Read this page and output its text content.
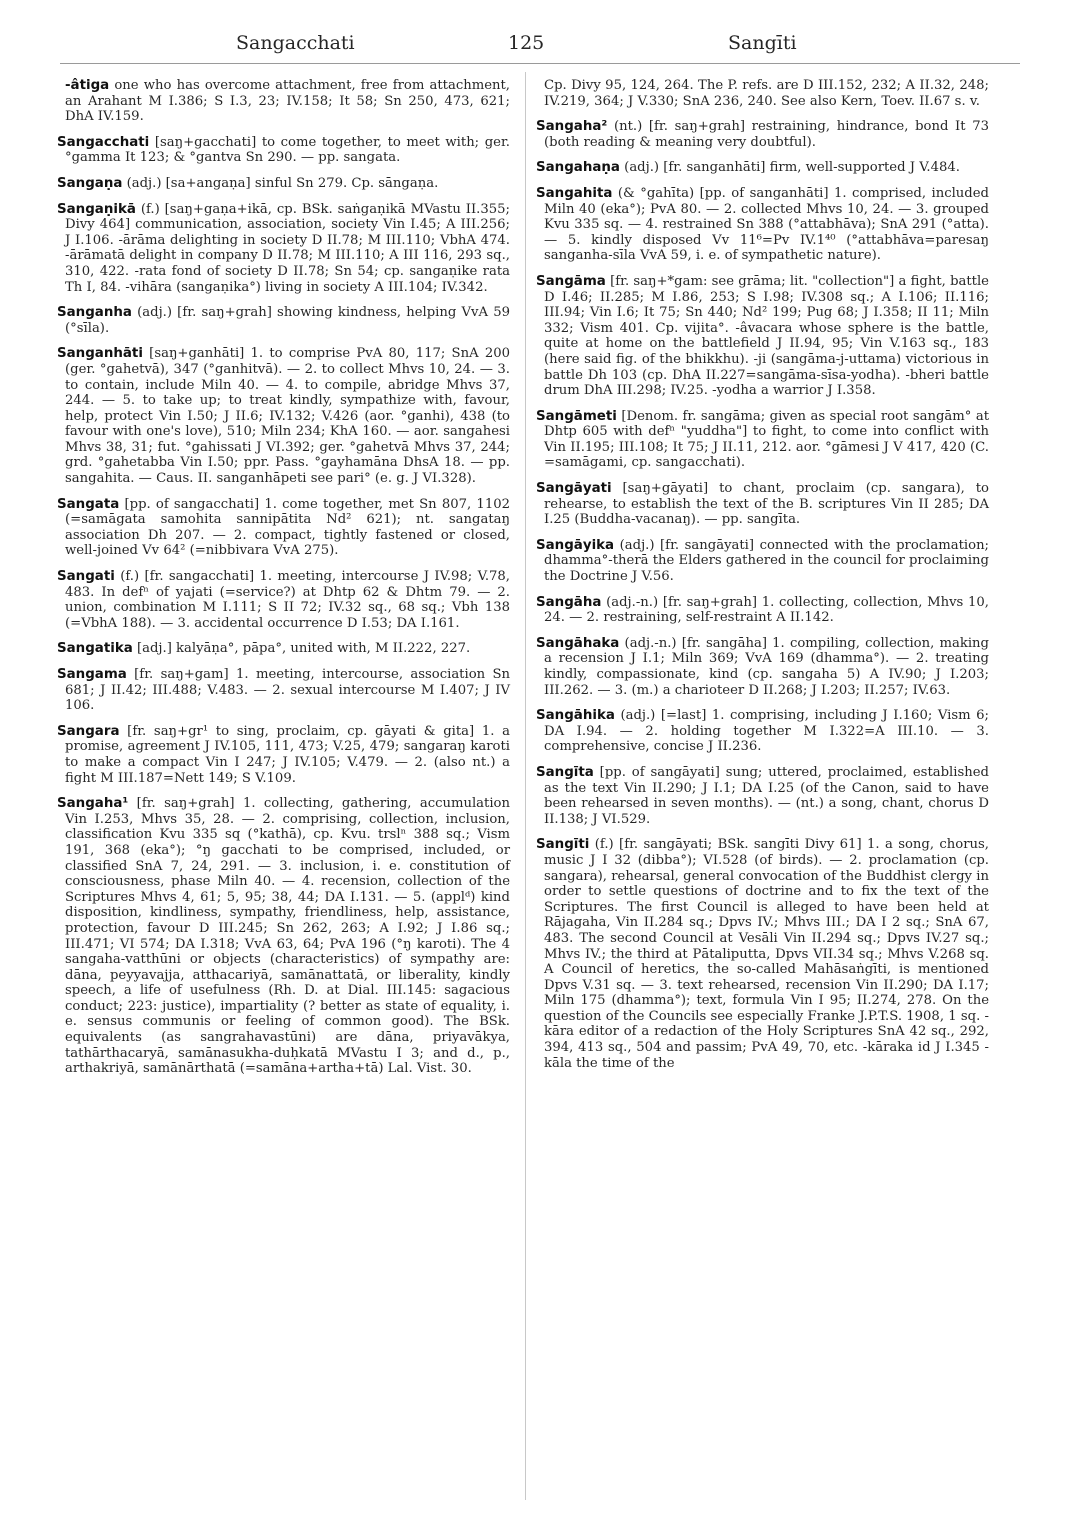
Sangacchati	125	Sangīti

-âtiga one who has overcome attachment, free from attachment, an Arahant M I.386; S I.3, 23; IV.158; It 58; Sn 250, 473, 621; DhA IV.159.

Sangacchati [saŋ+gacchati] to come together, to meet with; ger. °gamma It 123; & °gantva Sn 290. — pp. sangata.

Sangaṇa (adj.) [sa+angaṇa] sinful Sn 279. Cp. sāngaṇa.

Sangaṇikā (f.) [saŋ+gaṇa+ikā, cp. BSk. saṅgaṇikā MVastu II.355; Divy 464] communication, association, society Vin I.45; A III.256; J I.106. -ārāma delighting in society D II.78; M III.110; VbhA 474. -ārāmatā delight in company D II.78; M III.110; A III 116, 293 sq., 310, 422. -rata fond of society D II.78; Sn 54; cp. sangaṇike rata Th I, 84. -vihāra (sangaṇika°) living in society A III.104; IV.342.

Sanganha (adj.) [fr. saŋ+grah] showing kindness, helping VvA 59 (°sīla).

Sanganhāti [saŋ+ganhāti] 1. to comprise PvA 80, 117; SnA 200 (ger. °gahetvā), 347 (°ganhitvā). — 2. to collect Mhvs 10, 24. — 3. to contain, include Miln 40. — 4. to compile, abridge Mhvs 37, 244. — 5. to take up; to treat kindly, sympathize with, favour, help, protect Vin I.50; J II.6; IV.132; V.426 (aor. °ganhi), 438 (to favour with one's love), 510; Miln 234; KhA 160. — aor. sangahesi Mhvs 38, 31; fut. °gahissati J VI.392; ger. °gahetvā Mhvs 37, 244; grd. °gahetabba Vin I.50; ppr. Pass. °gayhamāna DhsA 18. — pp. sangahita. — Caus. II. sanganhāpeti see pari° (e. g. J VI.328).

Sangata [pp. of sangacchati] 1. come together, met Sn 807, 1102 (=samāgata samohita sannipātita Nd² 621); nt. sangataŋ association Dh 207. — 2. compact, tightly fastened or closed, well-joined Vv 64² (=nibbivara VvA 275).

Sangati (f.) [fr. sangacchati] 1. meeting, intercourse J IV.98; V.78, 483. In defⁿ of yajati (=service?) at Dhtp 62 & Dhtm 79. — 2. union, combination M I.111; S II 72; IV.32 sq., 68 sq.; Vbh 138 (=VbhA 188). — 3. accidental occurrence D I.53; DA I.161.

Sangatika [adj.] kalyāṇa°, pāpa°, united with, M II.222, 227.

Sangama [fr. saŋ+gam] 1. meeting, intercourse, association Sn 681; J II.42; III.488; V.483. — 2. sexual intercourse M I.407; J IV 106.

Sangara [fr. saŋ+gr¹ to sing, proclaim, cp. gāyati & gita] 1. a promise, agreement J IV.105, 111, 473; V.25, 479; sangaraŋ karoti to make a compact Vin I 247; J IV.105; V.479. — 2. (also nt.) a fight M III.187=Nett 149; S V.109.

Sangaha¹ [fr. saŋ+grah] 1. collecting, gathering, accumulation Vin I.253, Mhvs 35, 28. — 2. comprising, collection, inclusion, classification Kvu 335 sq (°kathā), cp. Kvu. trslⁿ 388 sq.; Vism 191, 368 (eka°); °ŋ gacchati to be comprised, included, or classified SnA 7, 24, 291. — 3. inclusion, i. e. constitution of consciousness, phase Miln 40. — 4. recension, collection of the Scriptures Mhvs 4, 61; 5, 95; 38, 44; DA I.131. — 5. (applᵈ) kind disposition, kindliness, sympathy, friendliness, help, assistance, protection, favour D III.245; Sn 262, 263; A I.92; J I.86 sq.; III.471; VI 574; DA I.318; VvA 63, 64; PvA 196 (°ŋ karoti). The 4 sangaha-vatthūni or objects (characteristics) of sympathy are: dāna, peyyavajja, atthacariyā, samānattatā, or liberality, kindly speech, a life of usefulness (Rh. D. at Dial. III.145: sagacious conduct; 223: justice), impartiality (? better as state of equality, i. e. sensus communis or feeling of common good). The BSk. equivalents (as sangrahavastūni) are dāna, priyavākya, tathārthacaryā, samānasukha-duḥkatā MVastu I 3; and d., p., arthakriyā, samānārthatā (=samāna+artha+tā) Lal. Vist. 30.

Cp. Divy 95, 124, 264. The P. refs. are D III.152, 232; A II.32, 248; IV.219, 364; J V.330; SnA 236, 240. See also Kern, Toev. II.67 s. v.

Sangaha² (nt.) [fr. saŋ+grah] restraining, hindrance, bond It 73 (both reading & meaning very doubtful).

Sangahaṇa (adj.) [fr. sanganhāti] firm, well-supported J V.484.

Sangahita (& °gahīta) [pp. of sanganhāti] 1. comprised, included Miln 40 (eka°); PvA 80. — 2. collected Mhvs 10, 24. — 3. grouped Kvu 335 sq. — 4. restrained Sn 388 (°attabhāva); SnA 291 (°atta). — 5. kindly disposed Vv 11⁶=Pv IV.1⁴⁰ (°attabhāva=paresaŋ sanganha-sīla VvA 59, i. e. of sympathetic nature).

Sangāma [fr. saŋ+*gam: see grāma; lit. "collection"] a fight, battle D I.46; II.285; M I.86, 253; S I.98; IV.308 sq.; A I.106; II.116; III.94; Vin I.6; It 75; Sn 440; Nd² 199; Pug 68; J I.358; II 11; Miln 332; Vism 401. Cp. vijita°. -âvacara whose sphere is the battle, quite at home on the battlefield J II.94, 95; Vin V.163 sq., 183 (here said fig. of the bhikkhu). -ji (sangāma-j-uttama) victorious in battle Dh 103 (cp. DhA II.227=sangāma-sīsa-yodha). -bheri battle drum DhA III.298; IV.25. -yodha a warrior J I.358.

Sangāmeti [Denom. fr. sangāma; given as special root sangām° at Dhtp 605 with defⁿ "yuddha"] to fight, to come into conflict with Vin II.195; III.108; It 75; J II.11, 212. aor. °gāmesi J V 417, 420 (C. =samāgami, cp. sangacchati).

Sangāyati [saŋ+gāyati] to chant, proclaim (cp. sangara), to rehearse, to establish the text of the B. scriptures Vin II 285; DA I.25 (Buddha-vacanaŋ). — pp. sangīta.

Sangāyika (adj.) [fr. sangāyati] connected with the proclamation; dhamma°-therā the Elders gathered in the council for proclaiming the Doctrine J V.56.

Sangāha (adj.-n.) [fr. saŋ+grah] 1. collecting, collection, Mhvs 10, 24. — 2. restraining, self-restraint A II.142.

Sangāhaka (adj.-n.) [fr. sangāha] 1. compiling, collection, making a recension J I.1; Miln 369; VvA 169 (dhamma°). — 2. treating kindly, compassionate, kind (cp. sangaha 5) A IV.90; J I.203; III.262. — 3. (m.) a charioteer D II.268; J I.203; II.257; IV.63.

Sangāhika (adj.) [=last] 1. comprising, including J I.160; Vism 6; DA I.94. — 2. holding together M I.322=A III.10. — 3. comprehensive, concise J II.236.

Sangīta [pp. of sangāyati] sung; uttered, proclaimed, established as the text Vin II.290; J I.1; DA I.25 (of the Canon, said to have been rehearsed in seven months). — (nt.) a song, chant, chorus D II.138; J VI.529.

Sangīti (f.) [fr. sangāyati; BSk. sangīti Divy 61] 1. a song, chorus, music J I 32 (dibba°); VI.528 (of birds). — 2. proclamation (cp. sangara), rehearsal, general convocation of the Buddhist clergy in order to settle questions of doctrine and to fix the text of the Scriptures. The first Council is alleged to have been held at Rājagaha, Vin II.284 sq.; Dpvs IV.; Mhvs III.; DA I 2 sq.; SnA 67, 483. The second Council at Vesāli Vin II.294 sq.; Dpvs IV.27 sq.; Mhvs IV.; the third at Pātaliputta, Dpvs VII.34 sq.; Mhvs V.268 sq. A Council of heretics, the so-called Mahāsaṅgīti, is mentioned Dpvs V.31 sq. — 3. text rehearsed, recension Vin II.290; DA I.17; Miln 175 (dhamma°); text, formula Vin I 95; II.274, 278. On the question of the Councils see especially Franke J.P.T.S. 1908, 1 sq. -kāra editor of a redaction of the Holy Scriptures SnA 42 sq., 292, 394, 413 sq., 504 and passim; PvA 49, 70, etc. -kāraka id J I.345 -kāla the time of the
